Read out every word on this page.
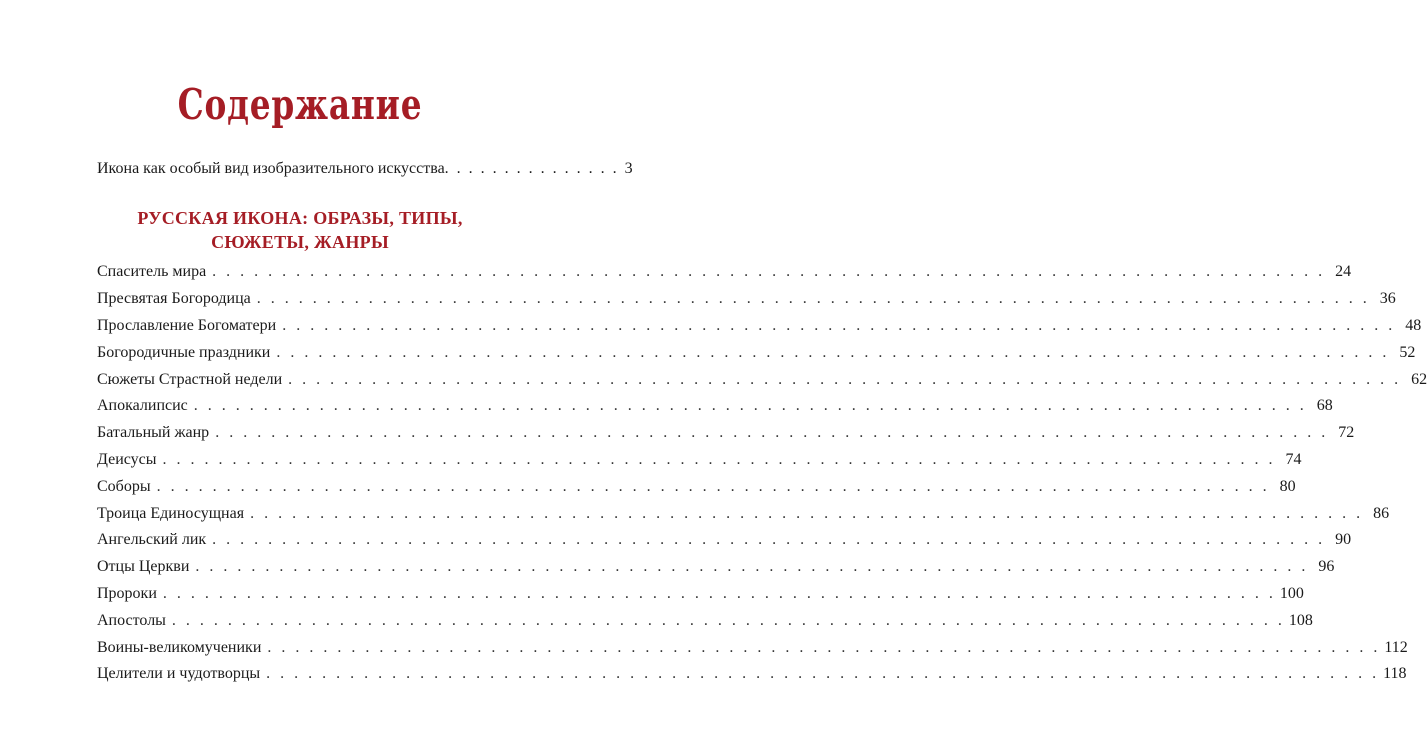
Содержание
Икона как особый вид изобразительного искусства . . . . . . . . . . . . . . . 3
РУССКАЯ ИКОНА: ОБРАЗЫ, ТИПЫ,
СЮЖЕТЫ, ЖАНРЫ
Спаситель мира . . . . . . . . . . . . . . . . . . . . . . . . . . . . . . . . . . . . . . . . . . . . . . . . . . . . . . . . . . . . . . . . . . . . . . . . . . . . . . . . 24
Пресвятая Богородица . . . . . . . . . . . . . . . . . . . . . . . . . . . . . . . . . . . . . . . . . . . . . . . . . . . . . . . . . . . . . . . . . . . . . . . . . . . . . . . . 36
Прославление Богоматери . . . . . . . . . . . . . . . . . . . . . . . . . . . . . . . . . . . . . . . . . . . . . . . . . . . . . . . . . . . . . . . . . . . . . . . . . . . . . . . . 48
Богородичные праздники . . . . . . . . . . . . . . . . . . . . . . . . . . . . . . . . . . . . . . . . . . . . . . . . . . . . . . . . . . . . . . . . . . . . . . . . . . . . . . . . 52
Сюжеты Страстной недели . . . . . . . . . . . . . . . . . . . . . . . . . . . . . . . . . . . . . . . . . . . . . . . . . . . . . . . . . . . . . . . . . . . . . . . . . . . . . . . . 62
Апокалипсис . . . . . . . . . . . . . . . . . . . . . . . . . . . . . . . . . . . . . . . . . . . . . . . . . . . . . . . . . . . . . . . . . . . . . . . . . . . . . . . . 68
Батальный жанр . . . . . . . . . . . . . . . . . . . . . . . . . . . . . . . . . . . . . . . . . . . . . . . . . . . . . . . . . . . . . . . . . . . . . . . . . . . . . . . . 72
Деисусы . . . . . . . . . . . . . . . . . . . . . . . . . . . . . . . . . . . . . . . . . . . . . . . . . . . . . . . . . . . . . . . . . . . . . . . . . . . . . . . . 74
Соборы . . . . . . . . . . . . . . . . . . . . . . . . . . . . . . . . . . . . . . . . . . . . . . . . . . . . . . . . . . . . . . . . . . . . . . . . . . . . . . . . 80
Троица Единосущная . . . . . . . . . . . . . . . . . . . . . . . . . . . . . . . . . . . . . . . . . . . . . . . . . . . . . . . . . . . . . . . . . . . . . . . . . . . . . . . . 86
Ангельский лик . . . . . . . . . . . . . . . . . . . . . . . . . . . . . . . . . . . . . . . . . . . . . . . . . . . . . . . . . . . . . . . . . . . . . . . . . . . . . . . . 90
Отцы Церкви . . . . . . . . . . . . . . . . . . . . . . . . . . . . . . . . . . . . . . . . . . . . . . . . . . . . . . . . . . . . . . . . . . . . . . . . . . . . . . . . 96
Пророки . . . . . . . . . . . . . . . . . . . . . . . . . . . . . . . . . . . . . . . . . . . . . . . . . . . . . . . . . . . . . . . . . . . . . . . . . . . . . . . . 100
Апостолы . . . . . . . . . . . . . . . . . . . . . . . . . . . . . . . . . . . . . . . . . . . . . . . . . . . . . . . . . . . . . . . . . . . . . . . . . . . . . . . . 108
Воины-великомученики . . . . . . . . . . . . . . . . . . . . . . . . . . . . . . . . . . . . . . . . . . . . . . . . . . . . . . . . . . . . . . . . . . . . . . . . . . . . . . . . 112
Целители и чудотворцы . . . . . . . . . . . . . . . . . . . . . . . . . . . . . . . . . . . . . . . . . . . . . . . . . . . . . . . . . . . . . . . . . . . . . . . . . . . . . . . . 118
